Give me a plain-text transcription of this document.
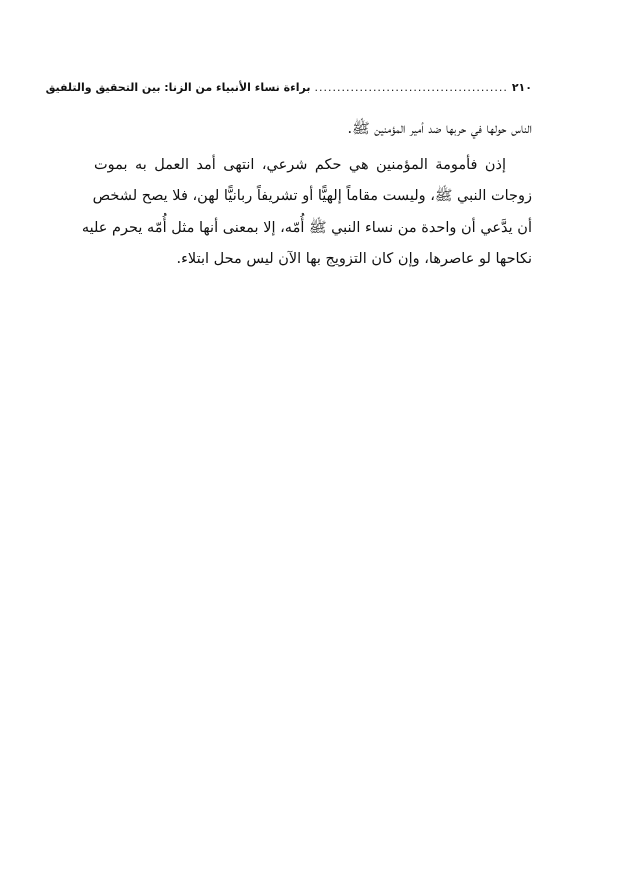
٢١٠
...........................................
براءة نساء الأنبياء من الزنا: بين التحقيق والتلفيق
الناس حولها في حربها ضد أمير المؤمنين ﷺ.
إذن فأمومة المؤمنين هي حكم شرعي، انتهى أمد العمل به بموت
زوجات النبي ﷺ، وليست مقاماً إلهيًّا أو تشريفاً ربانيًّا لهن، فلا يصح لشخص
أن يدَّعي أن واحدة من نساء النبي ﷺ أُمّه، إلا بمعنى أنها مثل أُمّه يحرم عليه
نكاحها لو عاصرها، وإن كان التزويج بها الآن ليس محل ابتلاء.
